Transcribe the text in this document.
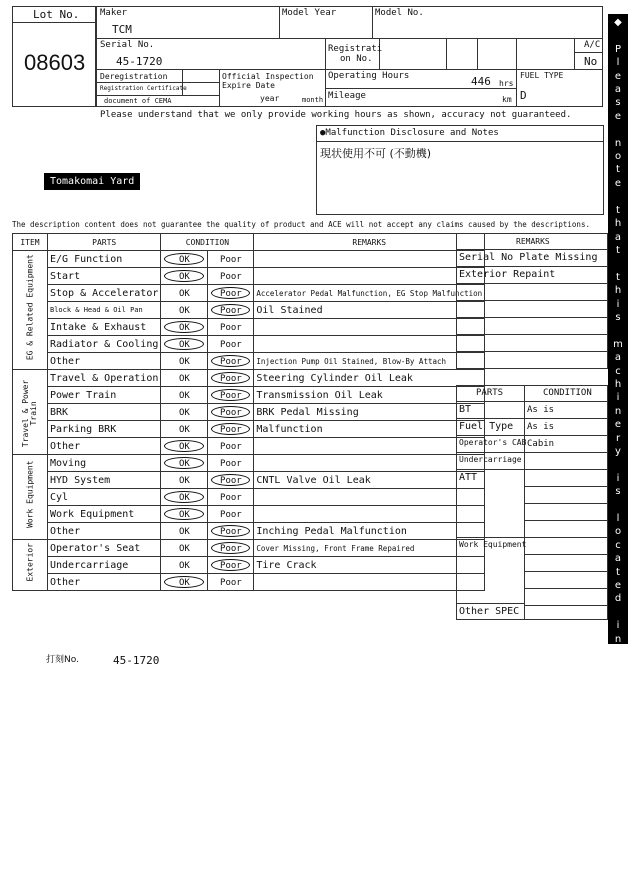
Lot No.
08603
Maker
TCM
Model Year	Model No.
Serial No.
45-1720
Registrati
on No.
A/C
No
Deregistration
Registration Certificate
document of CEMA
Official Inspection
Expire Date
year	month
Operating Hours	446 hrs
Mileage	km
FUEL TYPE
D
Please understand that we only provide working hours as shown, accuracy not guaranteed.
●Malfunction Disclosure and Notes
現状使用不可 (不動機)
Tomakomai Yard
The description content does not guarantee the quality of product and ACE will not accept any claims caused by the descriptions.
ITEM	PARTS	CONDITION		REMARKS

EG & Related Equipment	E/G Function	OK	Poor	
	Start	OK	Poor	
	Stop & Accelerator	OK	Poor	Accelerator Pedal Malfunction, EG Stop Malfunction
	Block & Head & Oil Pan	OK	Poor	Oil Stained
	Intake & Exhaust	OK	Poor	
	Radiator & Cooling	OK	Poor	
	Other	OK	Poor	Injection Pump Oil Stained, Blow-By Attach

Travel & Power Train	Travel & Operation	OK	Poor	Steering Cylinder Oil Leak
	Power Train	OK	Poor	Transmission Oil Leak
	BRK	OK	Poor	BRK Pedal Missing
	Parking BRK	OK	Poor	Malfunction
	Other	OK	Poor	

Work Equipment	Moving	OK	Poor	
	HYD System	OK	Poor	CNTL Valve Oil Leak
	Cyl	OK	Poor	
	Work Equipment	OK	Poor	
	Other	OK	Poor	Inching Pedal Malfunction

Exterior	Operator's Seat	OK	Poor	Cover Missing, Front Frame Repaired
	Undercarriage	OK	Poor	Tire Crack
	Other	OK	Poor	
REMARKS
Serial No Plate Missing
Exterior Repaint
PARTS	CONDITION
BT	As is
Fuel Type As is
Operator's CAB Cabin
Undercarriage
ATT
Work Equipment
Other SPEC
◆

P
l
e
a
s
e

n
o
t
e

t
h
a
t

t
h
i
s

m
a
c
h
i
n
e
r
y

i
s

l
o
c
a
t
e
d

i
n

T
o
m
a
k
o
m
a
i

Y
a
r
d

◆
打刻No.	45-1720
